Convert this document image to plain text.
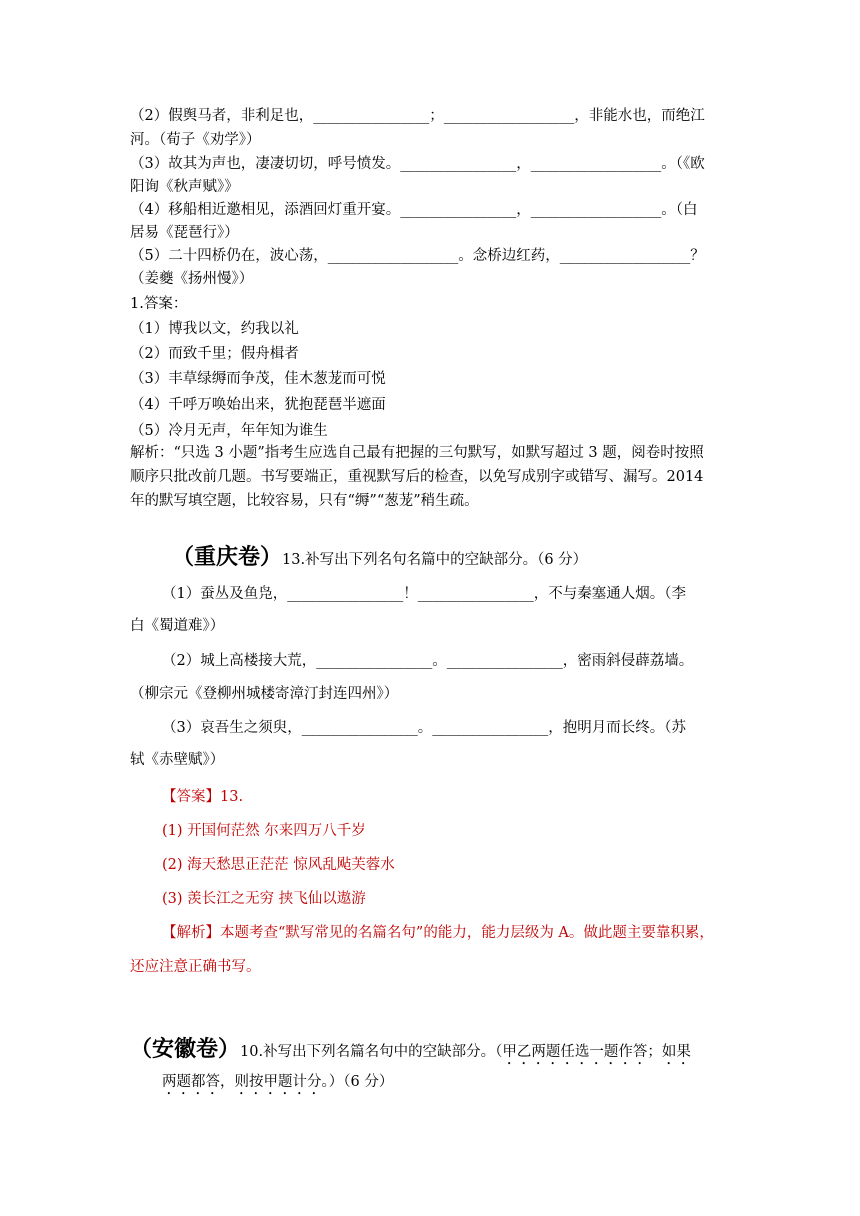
（2）假舆马者，非利足也，________________；__________________，非能水也，而绝江
河。（荀子《劝学》）
（3）故其为声也，凄凄切切，呼号愤发。________________，__________________。（《欧
阳询《秋声赋》》
（4）移船相近邀相见，添酒回灯重开宴。________________，__________________。（白
居易《琵琶行》）
（5）二十四桥仍在，波心荡，__________________。念桥边红药，__________________？
（姜夔《扬州慢》）
1.答案：
（1）博我以文，约我以礼
（2）而致千里；假舟楫者
（3）丰草绿缛而争茂，佳木葱茏而可悦
（4）千呼万唤始出来，犹抱琵琶半遮面
（5）冷月无声，年年知为谁生
解析：“只选 3 小题”指考生应选自己最有把握的三句默写，如默写超过 3 题，阅卷时按照
顺序只批改前几题。书写要端正，重视默写后的检查，以免写成别字或错写、漏写。2014
年的默写填空题，比较容易，只有“缛”“葱茏”稍生疏。
（重庆卷）13.补写出下列名句名篇中的空缺部分。（6 分）
（1）蚕丛及鱼凫，________________！________________，不与秦塞通人烟。（李
白《蜀道难》）
（2）城上高楼接大荒，________________。________________，密雨斜侵薜荔墙。
（柳宗元《登柳州城楼寄漳汀封连四州》）
（3）哀吾生之须臾，________________。________________，抱明月而长终。（苏
轼《赤壁赋》）
【答案】13.
(1) 开国何茫然 尔来四万八千岁
(2) 海天愁思正茫茫 惊风乱飐芙蓉水
(3) 羡长江之无穷 挟飞仙以遨游
【解析】本题考查“默写常见的名篇名句”的能力，能力层级为 A。做此题主要靠积累，
还应注意正确书写。
（安徽卷）10.补写出下列名篇名句中的空缺部分。（甲乙两题任选一题作答；如果
两题都答，则按甲题计分。）（6 分）
